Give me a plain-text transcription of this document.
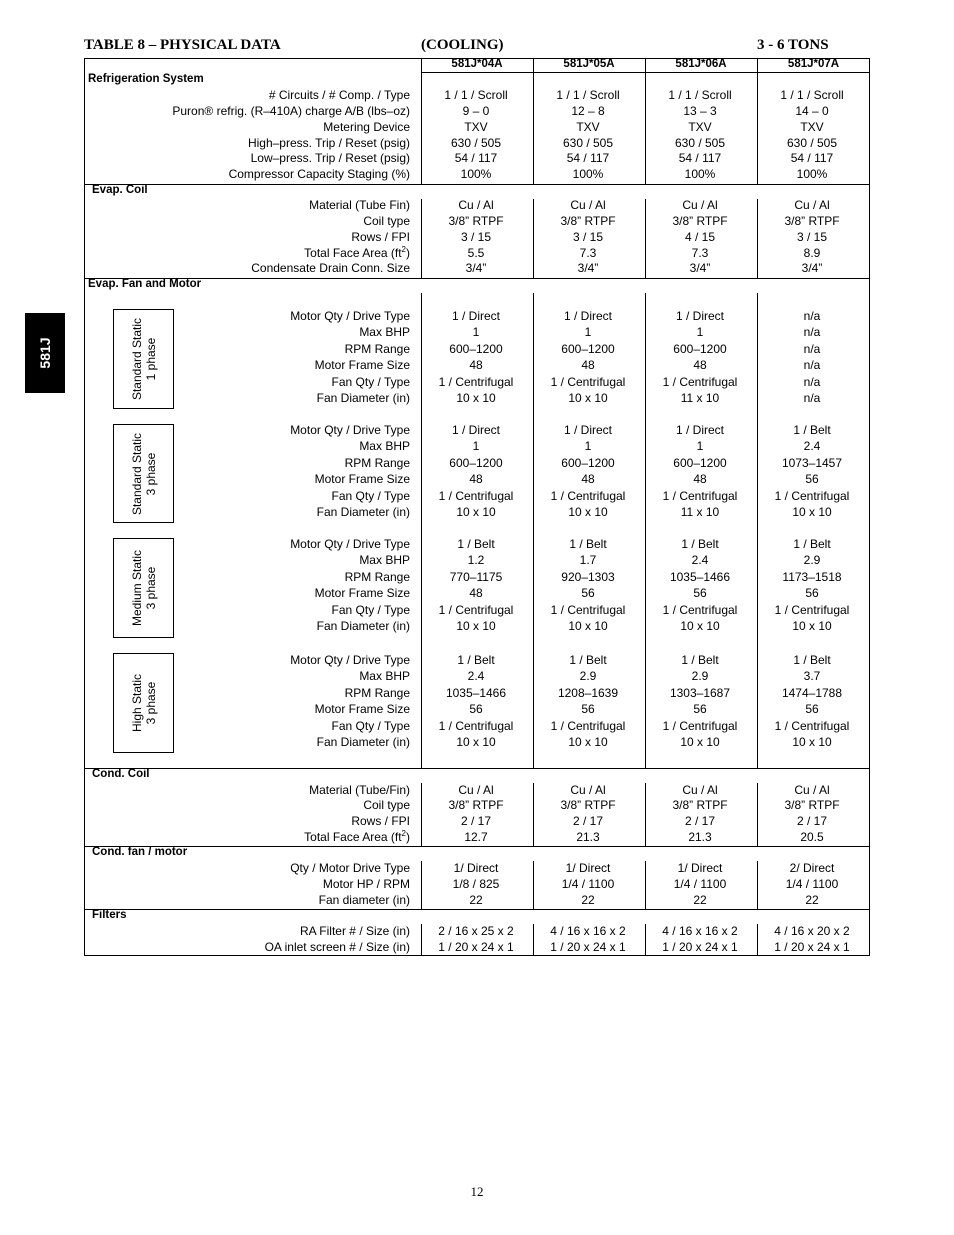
TABLE 8 – PHYSICAL DATA	(COOLING)	3 - 6 TONS
581J
581J*04A	581J*05A	581J*06A	581J*07A
Refrigeration System
Evap. Coil
Evap. Fan and Motor
Cond. Coil
Cond. fan / motor
Filters
# Circuits / # Comp. / Type	1 / 1 / Scroll	1 / 1 / Scroll	1 / 1 / Scroll	1 / 1 / Scroll
Puron® refrig. (R–410A) charge A/B (lbs–oz)	9 – 0	12 – 8	13 – 3	14 – 0
Metering Device	TXV	TXV	TXV	TXV
High–press. Trip / Reset (psig)	630 / 505	630 / 505	630 / 505	630 / 505
Low–press. Trip / Reset (psig)	54 / 117	54 / 117	54 / 117	54 / 117
Compressor Capacity Staging (%)	100%	100%	100%	100%
Material (Tube Fin)	Cu / Al	Cu / Al	Cu / Al	Cu / Al
Coil type	3/8” RTPF	3/8” RTPF	3/8” RTPF	3/8” RTPF
Rows / FPI	3 / 15	3 / 15	4 / 15	3 / 15
Total Face Area $(ft^2)$	5.5	7.3	7.3	8.9
Condensate Drain Conn. Size	3/4”	3/4”	3/4”	3/4”
Standard Static 1 phase
Standard Static 3 phase
Medium Static 3 phase
High Static 3 phase
Motor Qty / Drive Type	1 / Direct	1 / Direct	1 / Direct	n/a
Max BHP	1	1	1	n/a
RPM Range	600–1200	600–1200	600–1200	n/a
Motor Frame Size	48	48	48	n/a
Fan Qty / Type	1 / Centrifugal	1 / Centrifugal	1 / Centrifugal	n/a
Fan Diameter (in)	10 x 10	10 x 10	11 x 10	n/a
Motor Qty / Drive Type	1 / Direct	1 / Direct	1 / Direct	1 / Belt
Max BHP	1	1	1	2.4
RPM Range	600–1200	600–1200	600–1200	1073–1457
Motor Frame Size	48	48	48	56
Fan Qty / Type	1 / Centrifugal	1 / Centrifugal	1 / Centrifugal	1 / Centrifugal
Fan Diameter (in)	10 x 10	10 x 10	11 x 10	10 x 10
Motor Qty / Drive Type	1 / Belt	1 / Belt	1 / Belt	1 / Belt
Max BHP	1.2	1.7	2.4	2.9
RPM Range	770–1175	920–1303	1035–1466	1173–1518
Motor Frame Size	48	56	56	56
Fan Qty / Type	1 / Centrifugal	1 / Centrifugal	1 / Centrifugal	1 / Centrifugal
Fan Diameter (in)	10 x 10	10 x 10	10 x 10	10 x 10
Motor Qty / Drive Type	1 / Belt	1 / Belt	1 / Belt	1 / Belt
Max BHP	2.4	2.9	2.9	3.7
RPM Range	1035–1466	1208–1639	1303–1687	1474–1788
Motor Frame Size	56	56	56	56
Fan Qty / Type	1 / Centrifugal	1 / Centrifugal	1 / Centrifugal	1 / Centrifugal
Fan Diameter (in)	10 x 10	10 x 10	10 x 10	10 x 10
Material (Tube/Fin)	Cu / Al	Cu / Al	Cu / Al	Cu / Al
Coil type	3/8” RTPF	3/8” RTPF	3/8” RTPF	3/8” RTPF
Rows / FPI	2 / 17	2 / 17	2 / 17	2 / 17
Total Face Area $(ft^2)$	12.7	21.3	21.3	20.5
Qty / Motor Drive Type	1/ Direct	1/ Direct	1/ Direct	2/ Direct
Motor HP / RPM	1/8 / 825	1/4 / 1100	1/4 / 1100	1/4 / 1100
Fan diameter (in)	22	22	22	22
RA Filter # / Size (in)	2 / 16 x 25 x 2	4 / 16 x 16 x 2	4 / 16 x 16 x 2	4 / 16 x 20 x 2
OA inlet screen # / Size (in)	1 / 20 x 24 x 1	1 / 20 x 24 x 1	1 / 20 x 24 x 1	1 / 20 x 24 x 1
12
